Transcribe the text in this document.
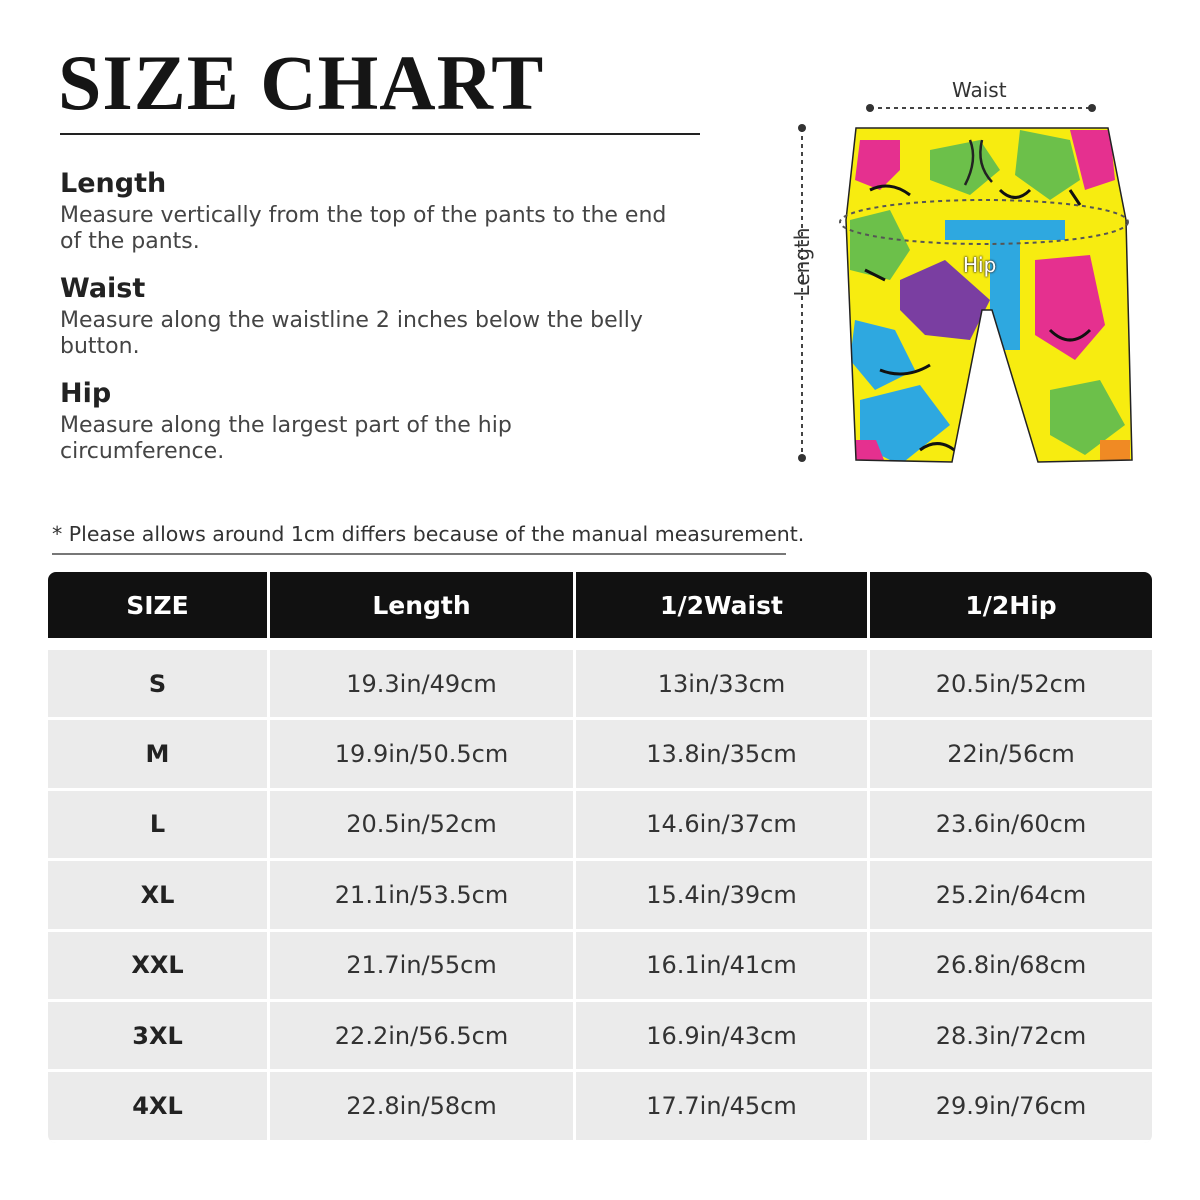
SIZE CHART
Length
Measure vertically from the top of the pants to the end of the pants.
Waist
Measure along the waistline 2 inches below the belly button.
Hip
Measure along the largest part of the hip circumference.
* Please allows around 1cm differs because of the manual measurement.
Waist
Length	Hip
SIZE	Length	1/2Waist	1/2Hip
S	19.3in/49cm	13in/33cm	20.5in/52cm
M	19.9in/50.5cm	13.8in/35cm	22in/56cm
L	20.5in/52cm	14.6in/37cm	23.6in/60cm
XL	21.1in/53.5cm	15.4in/39cm	25.2in/64cm
XXL	21.7in/55cm	16.1in/41cm	26.8in/68cm
3XL	22.2in/56.5cm	16.9in/43cm	28.3in/72cm
4XL	22.8in/58cm	17.7in/45cm	29.9in/76cm
